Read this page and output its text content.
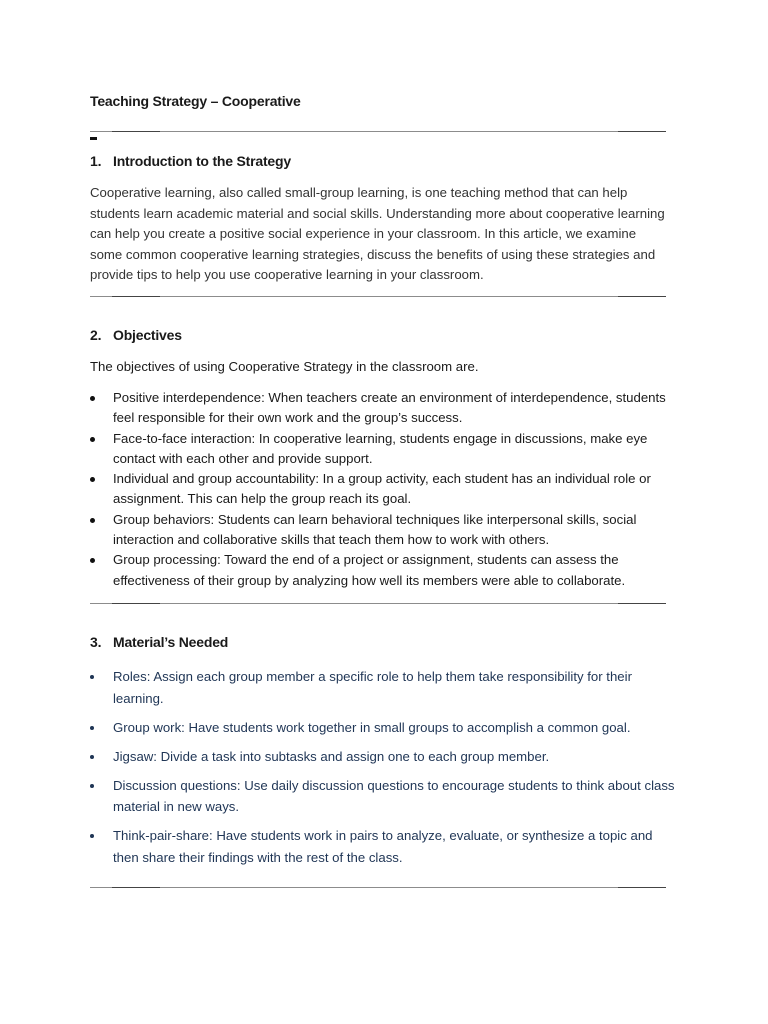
Teaching Strategy – Cooperative
1. Introduction to the Strategy
Cooperative learning, also called small-group learning, is one teaching method that can help students learn academic material and social skills. Understanding more about cooperative learning can help you create a positive social experience in your classroom. In this article, we examine some common cooperative learning strategies, discuss the benefits of using these strategies and provide tips to help you use cooperative learning in your classroom.
2. Objectives
The objectives of using Cooperative Strategy in the classroom are.
Positive interdependence: When teachers create an environment of interdependence, students feel responsible for their own work and the group’s success.
Face-to-face interaction: In cooperative learning, students engage in discussions, make eye contact with each other and provide support.
Individual and group accountability: In a group activity, each student has an individual role or assignment. This can help the group reach its goal.
Group behaviors: Students can learn behavioral techniques like interpersonal skills, social interaction and collaborative skills that teach them how to work with others.
Group processing: Toward the end of a project or assignment, students can assess the effectiveness of their group by analyzing how well its members were able to collaborate.
3. Material’s Needed
Roles: Assign each group member a specific role to help them take responsibility for their learning.
Group work: Have students work together in small groups to accomplish a common goal.
Jigsaw: Divide a task into subtasks and assign one to each group member.
Discussion questions: Use daily discussion questions to encourage students to think about class material in new ways.
Think-pair-share: Have students work in pairs to analyze, evaluate, or synthesize a topic and then share their findings with the rest of the class.
